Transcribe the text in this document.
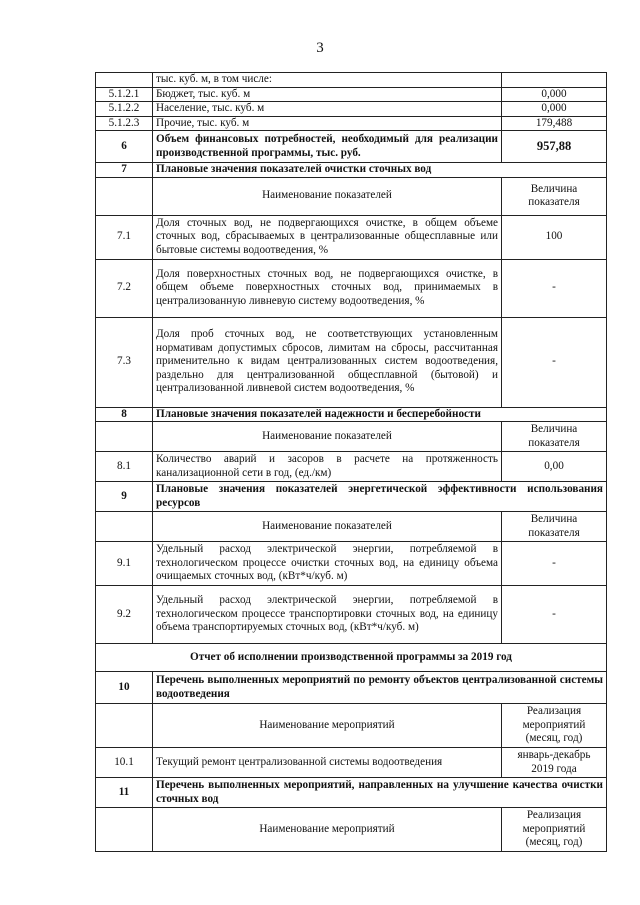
3
	тыс. куб. м, в том числе:	
5.1.2.1	Бюджет, тыс. куб. м	0,000
5.1.2.2	Население, тыс. куб. м	0,000
5.1.2.3	Прочие, тыс. куб. м	179,488
6	Объем финансовых потребностей, необходимый для реализации производственной программы, тыс. руб.	957,88
7	Плановые значения показателей очистки сточных вод	
	Наименование показателей	Величина показателя
7.1	Доля сточных вод, не подвергающихся очистке, в общем объеме сточных вод, сбрасываемых в централизованные общесплавные или бытовые системы водоотведения, %	100
7.2	Доля поверхностных сточных вод, не подвергающихся очистке, в общем объеме поверхностных сточных вод, принимаемых в централизованную ливневую систему водоотведения, %	-
7.3	Доля проб сточных вод, не соответствующих установленным нормативам допустимых сбросов, лимитам на сбросы, рассчитанная применительно к видам централизованных систем водоотведения, раздельно для централизованной общесплавной (бытовой) и централизованной ливневой систем водоотведения, %	-
8	Плановые значения показателей надежности и бесперебойности	
	Наименование показателей	Величина показателя
8.1	Количество аварий и засоров в расчете на протяженность канализационной сети в год, (ед./км)	0,00
9	Плановые значения показателей энергетической эффективности использования ресурсов	
	Наименование показателей	Величина показателя
9.1	Удельный расход электрической энергии, потребляемой в технологическом процессе очистки сточных вод, на единицу объема очищаемых сточных вод, (кВт*ч/куб. м)	-
9.2	Удельный расход электрической энергии, потребляемой в технологическом процессе транспортировки сточных вод, на единицу объема транспортируемых сточных вод, (кВт*ч/куб. м)	-
Отчет об исполнении производственной программы за 2019 год		
10	Перечень выполненных мероприятий по ремонту объектов централизованной системы водоотведения	
	Наименование мероприятий	Реализация мероприятий (месяц, год)
10.1	Текущий ремонт централизованной системы водоотведения	январь-декабрь 2019 года
11	Перечень выполненных мероприятий, направленных на улучшение качества очистки сточных вод	
	Наименование мероприятий	Реализация мероприятий (месяц, год)
